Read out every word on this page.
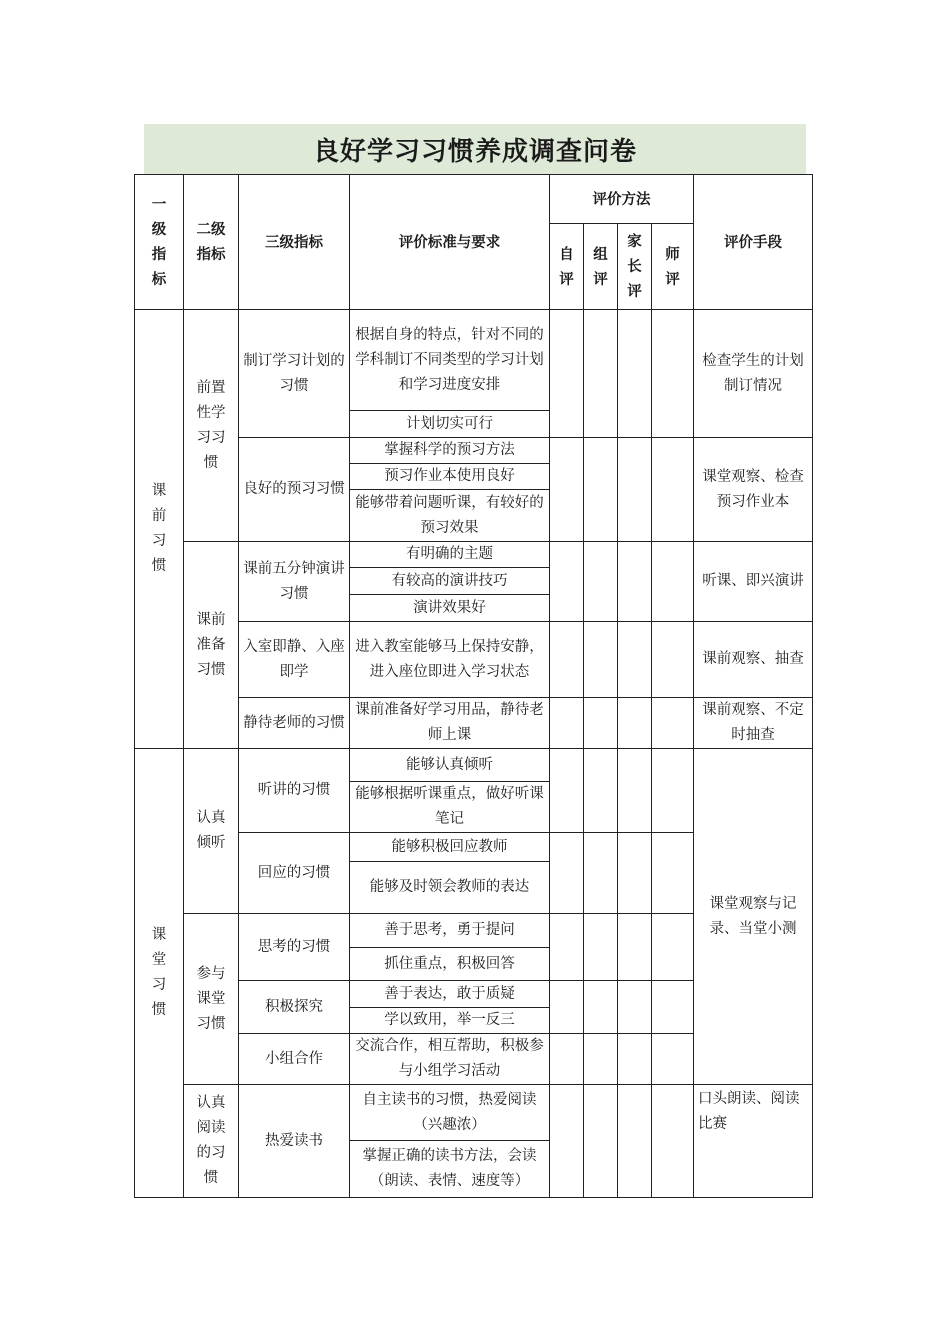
良好学习习惯养成调查问卷
一级指标	二级指标	三级指标	评价标准与要求	评价方法				评价手段
				自评	组评	家长评	师评	
课前习惯	前置性学习习惯	制订学习计划的习惯	根据自身的特点，针对不同的学科制订不同类型的学习计划和学习进度安排					检查学生的计划制订情况
			计划切实可行					
		良好的预习习惯	掌握科学的预习方法					课堂观察、检查预习作业本
			预习作业本使用良好					
			能够带着问题听课，有较好的预习效果					
	课前准备习惯	课前五分钟演讲习惯	有明确的主题					听课、即兴演讲
			有较高的演讲技巧					
			演讲效果好					
		入室即静、入座即学	进入教室能够马上保持安静，进入座位即进入学习状态					课前观察、抽查
		静待老师的习惯	课前准备好学习用品，静待老师上课					课前观察、不定时抽查

课堂习惯	认真倾听	听讲的习惯	能够认真倾听					课堂观察与记录、当堂小测
			能够根据听课重点，做好听课笔记					
		回应的习惯	能够积极回应教师					
			能够及时领会教师的表达					
	参与课堂习惯	思考的习惯	善于思考，勇于提问					
			抓住重点，积极回答					
		积极探究	善于表达，敢于质疑					
			学以致用，举一反三					
		小组合作	交流合作，相互帮助，积极参与小组学习活动					
	认真阅读的习惯	热爱读书	自主读书的习惯，热爱阅读（兴趣浓）					口头朗读、阅读比赛
			掌握正确的读书方法，会读（朗读、表情、速度等）					
